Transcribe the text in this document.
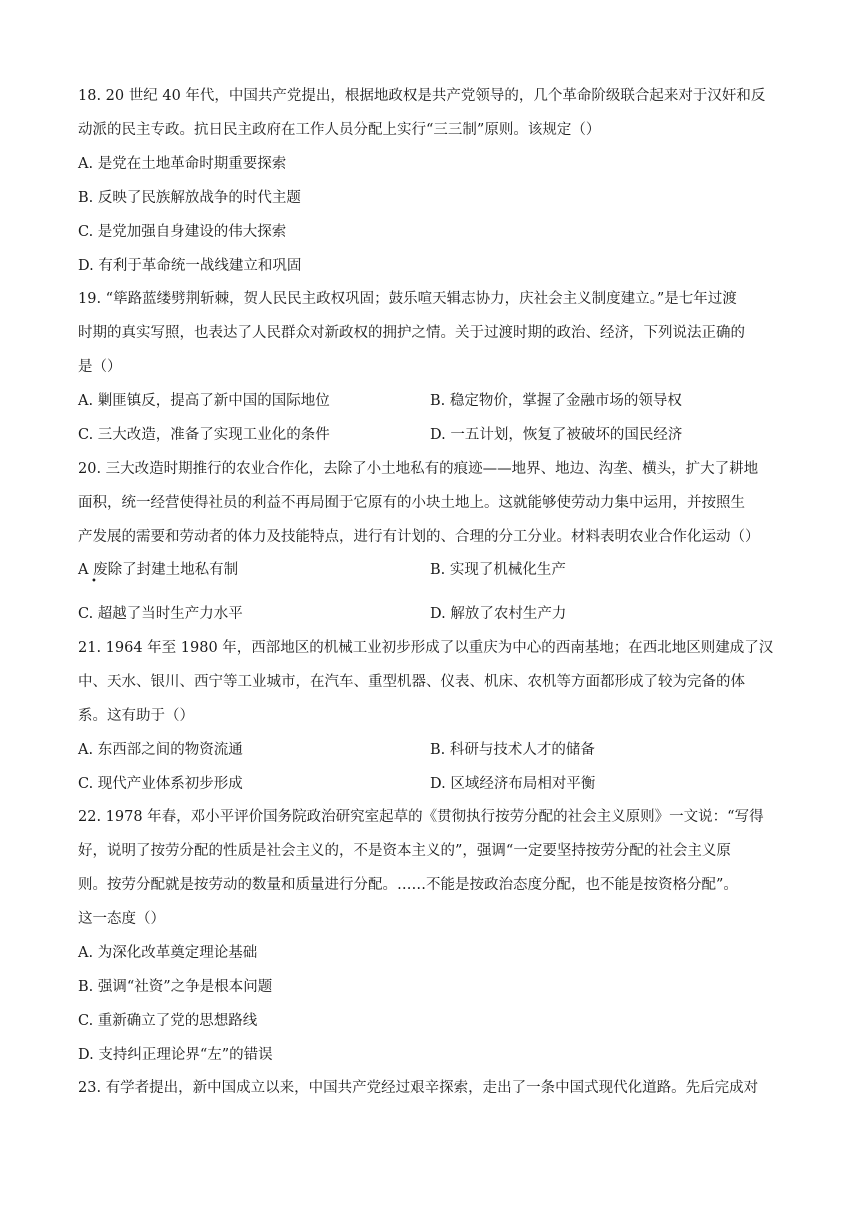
18. 20 世纪 40 年代，中国共产党提出，根据地政权是共产党领导的，几个革命阶级联合起来对于汉奸和反
动派的民主专政。抗日民主政府在工作人员分配上实行“三三制”原则。该规定（）
A. 是党在土地革命时期重要探索
B. 反映了民族解放战争的时代主题
C. 是党加强自身建设的伟大探索
D. 有利于革命统一战线建立和巩固
19. “筚路蓝缕劈荆斩棘，贺人民民主政权巩固；鼓乐喧天辑志协力，庆社会主义制度建立。”是七年过渡
时期的真实写照，也表达了人民群众对新政权的拥护之情。关于过渡时期的政治、经济，下列说法正确的
是（）
A. 剿匪镇反，提高了新中国的国际地位	B. 稳定物价，掌握了金融市场的领导权
C. 三大改造，准备了实现工业化的条件	D. 一五计划，恢复了被破坏的国民经济
20. 三大改造时期推行的农业合作化，去除了小土地私有的痕迹——地界、地边、沟垄、横头，扩大了耕地
面积，统一经营使得社员的利益不再局囿于它原有的小块土地上。这就能够使劳动力集中运用，并按照生
产发展的需要和劳动者的体力及技能特点，进行有计划的、合理的分工分业。材料表明农业合作化运动（）
A 废除了封建土地私有制	B. 实现了机械化生产
•
C. 超越了当时生产力水平	D. 解放了农村生产力
21. 1964 年至 1980 年，西部地区的机械工业初步形成了以重庆为中心的西南基地；在西北地区则建成了汉
中、天水、银川、西宁等工业城市，在汽车、重型机器、仪表、机床、农机等方面都形成了较为完备的体
系。这有助于（）
A. 东西部之间的物资流通	B. 科研与技术人才的储备
C. 现代产业体系初步形成	D. 区域经济布局相对平衡
22. 1978 年春，邓小平评价国务院政治研究室起草的《贯彻执行按劳分配的社会主义原则》一文说：“写得
好，说明了按劳分配的性质是社会主义的，不是资本主义的”，强调“一定要坚持按劳分配的社会主义原
则。按劳分配就是按劳动的数量和质量进行分配。……不能是按政治态度分配，也不能是按资格分配”。
这一态度（）
A. 为深化改革奠定理论基础
B. 强调“社资”之争是根本问题
C. 重新确立了党的思想路线
D. 支持纠正理论界“左”的错误
23. 有学者提出，新中国成立以来，中国共产党经过艰辛探索，走出了一条中国式现代化道路。先后完成对
